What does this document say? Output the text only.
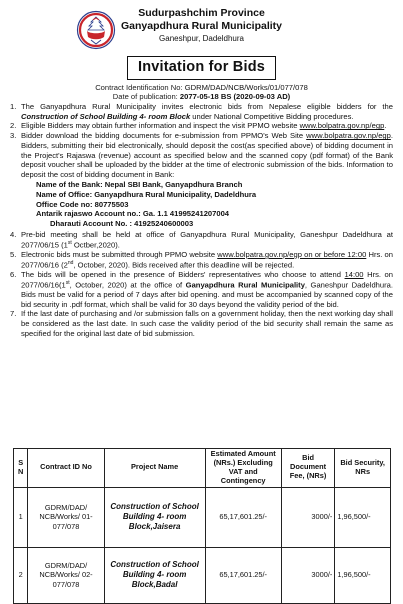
Sudurpashchim Province
Ganyapdhura Rural Municipality
Ganeshpur, Dadeldhura
Invitation for Bids
Contract Identification No: GDRM/DAD/NCB/Works/01/077/078
Date of publication: 2077-05-18 BS (2020-09-03 AD)
1. The Ganyapdhura Rural Municipality invites electronic bids from Nepalese eligible bidders for the Construction of School Building 4- room Block under National Competitive Bidding procedures.
2. Eligible Bidders may obtain further information and inspect the visit PPMO website www.bolpatra.gov.np/egp.
3. Bidder download the bidding documents for e-submission from PPMO's Web Site www.bolpatra.gov.np/egp. Bidders, submitting their bid electronically, should deposit the cost(as specified above) of bidding document in the Project's Rajaswa (revenue) account as specified below and the scanned copy (pdf format) of the Bank deposit voucher shall be uploaded by the bidder at the time of electronic submission of the bids. Information to deposit the cost of bidding document in Bank:
Name of the Bank: Nepal SBI Bank, Ganyapdhura Branch
Name of Office: Ganyapdhura Rural Municipality, Dadeldhura
Office Code no: 80775503
Antarik rajaswo Account no.: Ga. 1.1 41995241207004
Dharauti Account No. : 41925240600003
4. Pre-bid meeting shall be held at office of Ganyapdhura Rural Municipality, Ganeshpur Dadeldhura at 2077/06/15 (1st Octber,2020).
5. Electronic bids must be submitted through PPMO website www.bolpatra.gov.np/egp on or before 12:00 Hrs. on 2077/06/16 (2nd, October, 2020). Bids received after this deadline will be rejected.
6. The bids will be opened in the presence of Bidders' representatives who choose to attend 14:00 Hrs. on 2077/06/16(1st, October, 2020) at the office of Ganyapdhura Rural Municipality, Ganeshpur Dadeldhura. Bids must be valid for a period of 7 days after bid opening. and must be accompanied by scanned copy of the bid security in .pdf format, which shall be valid for 30 days beyond the validity period of the bid.
7. If the last date of purchasing and /or submission falls on a government holiday, then the next working day shall be considered as the last date. In such case the validity period of the bid security shall remain the same as specified for the original last date of bid submission.
S N	Contract ID No	Project Name	Estimated Amount (NRs.) Excluding VAT and Contingency	Bid Document Fee, (NRs)	Bid Security, NRs
1	GDRM/DAD/ NCB/Works/ 01-077/078	Construction of School Building 4- room Block,Jaisera	65,17,601.25/-	3000/-	1,96,500/-
2	GDRM/DAD/ NCB/Works/ 02-077/078	Construction of School Building 4- room Block,Badal	65,17,601.25/-	3000/-	1,96,500/-
